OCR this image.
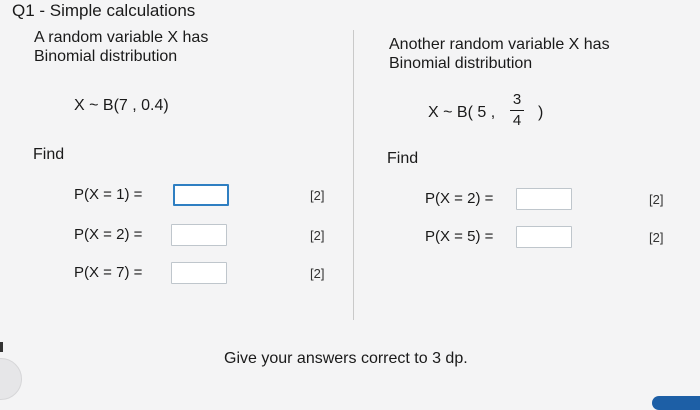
Q1 - Simple calculations
A random variable X has
Binomial distribution
X ~ B(7 , 0.4)
Find
P(X = 1) =	[2]
P(X = 2) =	[2]
P(X = 7) =	[2]
Another random variable X has
Binomial distribution
X ~ B( 5 ,
3
4 )
Find
P(X = 2) =	[2]
P(X = 5) =	[2]
Give your answers correct to 3 dp.
